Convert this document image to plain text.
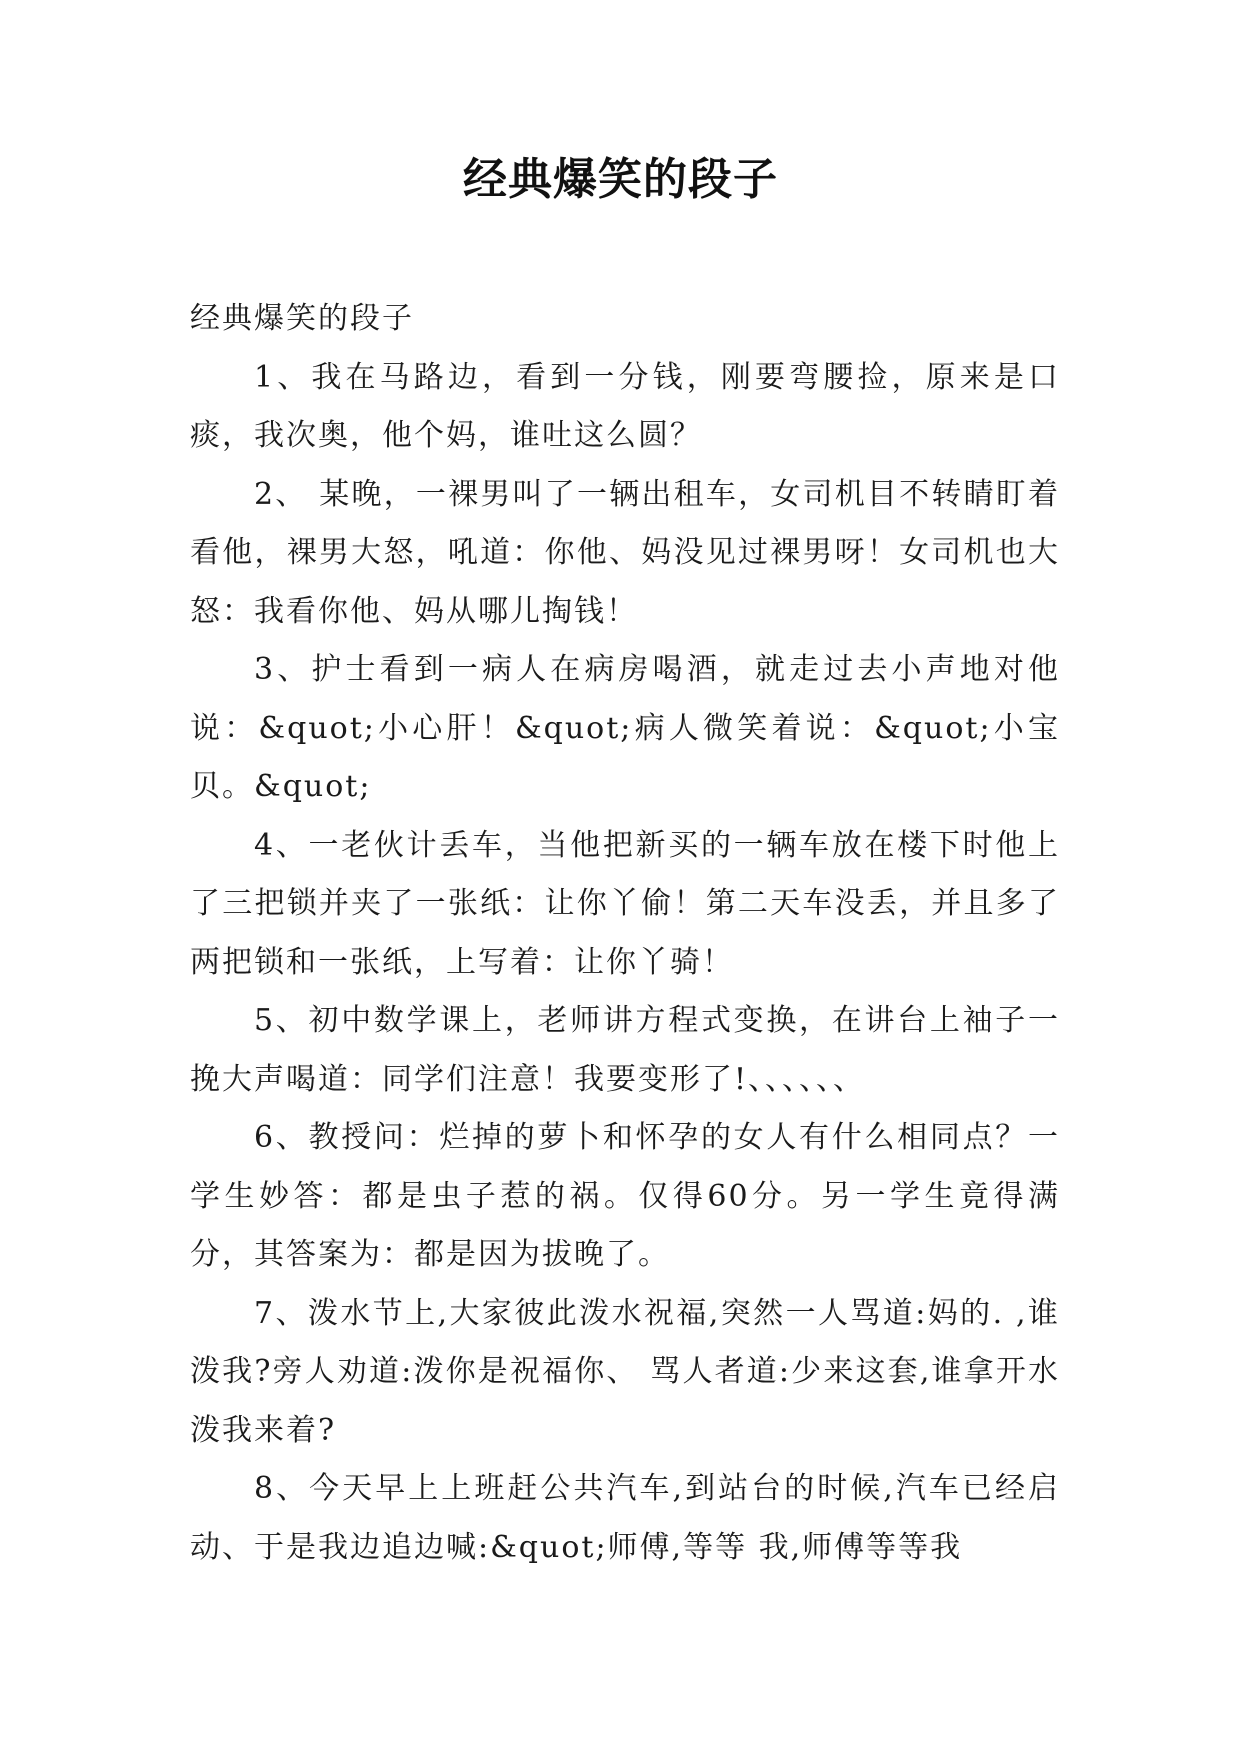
经典爆笑的段子

经典爆笑的段子

1、我在马路边，看到一分钱，刚要弯腰捡，原来是口痰，我次奥，他个妈，谁吐这么圆？

2、 某晚，一裸男叫了一辆出租车，女司机目不转睛盯着看他，裸男大怒，吼道：你他、妈没见过裸男呀！女司机也大怒：我看你他、妈从哪儿掏钱！

3、护士看到一病人在病房喝酒，就走过去小声地对他说：&quot;小心肝！&quot;病人微笑着说：&quot;小宝贝。&quot;

4、一老伙计丢车，当他把新买的一辆车放在楼下时他上了三把锁并夹了一张纸：让你丫偷！第二天车没丢，并且多了两把锁和一张纸，上写着：让你丫骑！

5、初中数学课上，老师讲方程式变换，在讲台上袖子一挽大声喝道：同学们注意！我要变形了!、、、、、、

6、教授问：烂掉的萝卜和怀孕的女人有什么相同点？一学生妙答：都是虫子惹的祸。仅得60分。另一学生竟得满分，其答案为：都是因为拔晚了。

7、泼水节上,大家彼此泼水祝福,突然一人骂道:妈的. ,谁泼我?旁人劝道:泼你是祝福你、 骂人者道:少来这套,谁拿开水泼我来着?

8、今天早上上班赶公共汽车,到站台的时候,汽车已经启动、于是我边追边喊:&quot;师傅,等等 我,师傅等等我
